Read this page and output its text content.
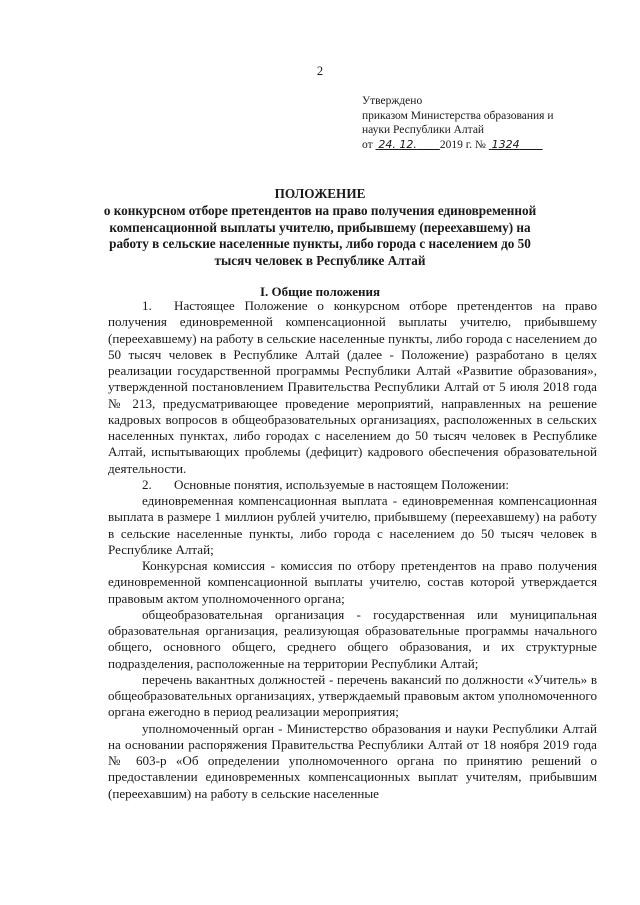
2
Утверждено
приказом Министерства образования и
науки Республики Алтай
от 24. 12. 2019 г. № 1324
ПОЛОЖЕНИЕ
о конкурсном отборе претендентов на право получения единовременной компенсационной выплаты учителю, прибывшему (переехавшему) на работу в сельские населенные пункты, либо города с населением до 50 тысяч человек в Республике Алтай
I. Общие положения

1. Настоящее Положение о конкурсном отборе претендентов на право получения единовременной компенсационной выплаты учителю, прибывшему (переехавшему) на работу в сельские населенные пункты, либо города с населением до 50 тысяч человек в Республике Алтай (далее - Положение) разработано в целях реализации государственной программы Республики Алтай «Развитие образования», утвержденной постановлением Правительства Республики Алтай от 5 июля 2018 года № 213, предусматривающее проведение мероприятий, направленных на решение кадровых вопросов в общеобразовательных организациях, расположенных в сельских населенных пунктах, либо городах с населением до 50 тысяч человек в Республике Алтай, испытывающих проблемы (дефицит) кадрового обеспечения образовательной деятельности.

2. Основные понятия, используемые в настоящем Положении:

единовременная компенсационная выплата - единовременная компенсационная выплата в размере 1 миллион рублей учителю, прибывшему (переехавшему) на работу в сельские населенные пункты, либо города с населением до 50 тысяч человек в Республике Алтай;

Конкурсная комиссия - комиссия по отбору претендентов на право получения единовременной компенсационной выплаты учителю, состав которой утверждается правовым актом уполномоченного органа;

общеобразовательная организация - государственная или муниципальная образовательная организация, реализующая образовательные программы начального общего, основного общего, среднего общего образования, и их структурные подразделения, расположенные на территории Республики Алтай;

перечень вакантных должностей - перечень вакансий по должности «Учитель» в общеобразовательных организациях, утверждаемый правовым актом уполномоченного органа ежегодно в период реализации мероприятия;

уполномоченный орган - Министерство образования и науки Республики Алтай на основании распоряжения Правительства Республики Алтай от 18 ноября 2019 года № 603-р «Об определении уполномоченного органа по принятию решений о предоставлении единовременных компенсационных выплат учителям, прибывшим (переехавшим) на работу в сельские населенные
